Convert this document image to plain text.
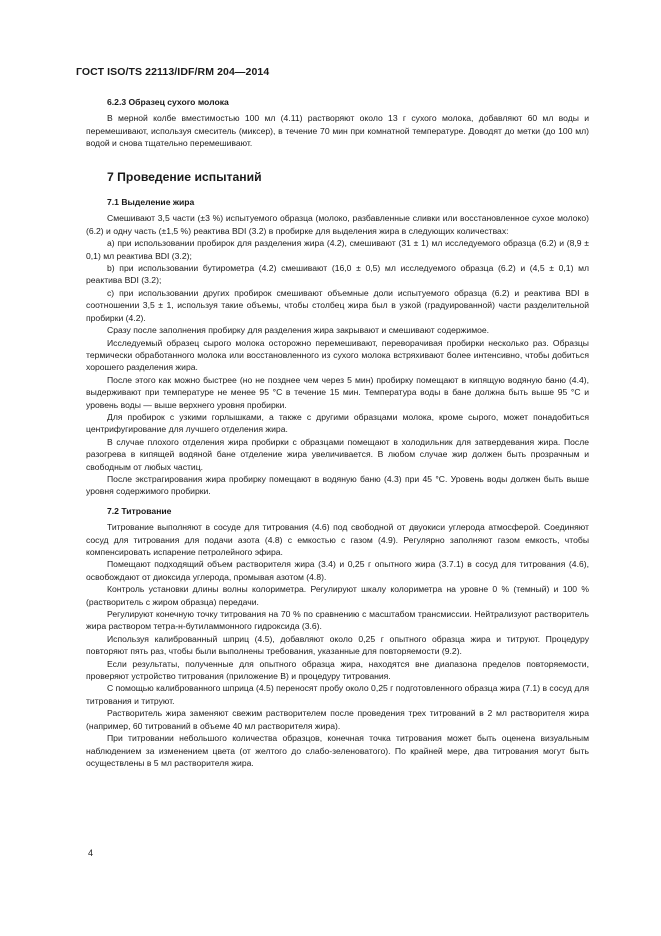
ГОСТ ISO/TS 22113/IDF/RM 204—2014
6.2.3 Образец сухого молока

В мерной колбе вместимостью 100 мл (4.11) растворяют около 13 г сухого молока, добавляют 60 мл воды и перемешивают, используя смеситель (миксер), в течение 70 мин при комнатной температуре. Доводят до метки (до 100 мл) водой и снова тщательно перемешивают.

7 Проведение испытаний
7.1 Выделение жира

Смешивают 3,5 части (±3 %) испытуемого образца (молоко, разбавленные сливки или восстановленное сухое молоко) (6.2) и одну часть (±1,5 %) реактива BDI (3.2) в пробирке для выделения жира в следующих количествах:

a) при использовании пробирок для разделения жира (4.2), смешивают (31 ± 1) мл исследуемого образца (6.2) и (8,9 ± 0,1) мл реактива BDI (3.2);

b) при использовании бутирометра (4.2) смешивают (16,0 ± 0,5) мл исследуемого образца (6.2) и (4,5 ± 0,1) мл реактива BDI (3.2);

c) при использовании других пробирок смешивают объемные доли испытуемого образца (6.2) и реактива BDI в соотношении 3,5 ± 1, используя такие объемы, чтобы столбец жира был в узкой (градуированной) части разделительной пробирки (4.2).

Сразу после заполнения пробирку для разделения жира закрывают и смешивают содержимое.

Исследуемый образец сырого молока осторожно перемешивают, переворачивая пробирки несколько раз. Образцы термически обработанного молока или восстановленного из сухого молока встряхивают более интенсивно, чтобы добиться хорошего разделения жира.

После этого как можно быстрее (но не позднее чем через 5 мин) пробирку помещают в кипящую водяную баню (4.4), выдерживают при температуре не менее 95 °С в течение 15 мин. Температура воды в бане должна быть выше 95 °С и уровень воды — выше верхнего уровня пробирки.

Для пробирок с узкими горлышками, а также с другими образцами молока, кроме сырого, может понадобиться центрифугирование для лучшего отделения жира.

В случае плохого отделения жира пробирки с образцами помещают в холодильник для затвердевания жира. После разогрева в кипящей водяной бане отделение жира увеличивается. В любом случае жир должен быть прозрачным и свободным от любых частиц.

После экстрагирования жира пробирку помещают в водяную баню (4.3) при 45 °С. Уровень воды должен быть выше уровня содержимого пробирки.

7.2 Титрование

Титрование выполняют в сосуде для титрования (4.6) под свободной от двуокиси углерода атмосферой. Соединяют сосуд для титрования для подачи азота (4.8) с емкостью с газом (4.9). Регулярно заполняют газом емкость, чтобы компенсировать испарение петролейного эфира.

Помещают подходящий объем растворителя жира (3.4) и 0,25 г опытного жира (3.7.1) в сосуд для титрования (4.6), освобождают от диоксида углерода, промывая азотом (4.8).

Контроль установки длины волны колориметра. Регулируют шкалу колориметра на уровне 0 % (темный) и 100 % (растворитель с жиром образца) передачи.

Регулируют конечную точку титрования на 70 % по сравнению с масштабом трансмиссии. Нейтрализуют растворитель жира раствором тетра-н-бутиламмонного гидроксида (3.6).

Используя калиброванный шприц (4.5), добавляют около 0,25 г опытного образца жира и титруют. Процедуру повторяют пять раз, чтобы были выполнены требования, указанные для повторяемости (9.2).

Если результаты, полученные для опытного образца жира, находятся вне диапазона пределов повторяемости, проверяют устройство титрования (приложение В) и процедуру титрования.

С помощью калиброванного шприца (4.5) переносят пробу около 0,25 г подготовленного образца жира (7.1) в сосуд для титрования и титруют.

Растворитель жира заменяют свежим растворителем после проведения трех титрований в 2 мл растворителя жира (например, 60 титрований в объеме 40 мл растворителя жира).

При титровании небольшого количества образцов, конечная точка титрования может быть оценена визуальным наблюдением за изменением цвета (от желтого до слабо-зеленоватого). По крайней мере, два титрования могут быть осуществлены в 5 мл растворителя жира.

4
